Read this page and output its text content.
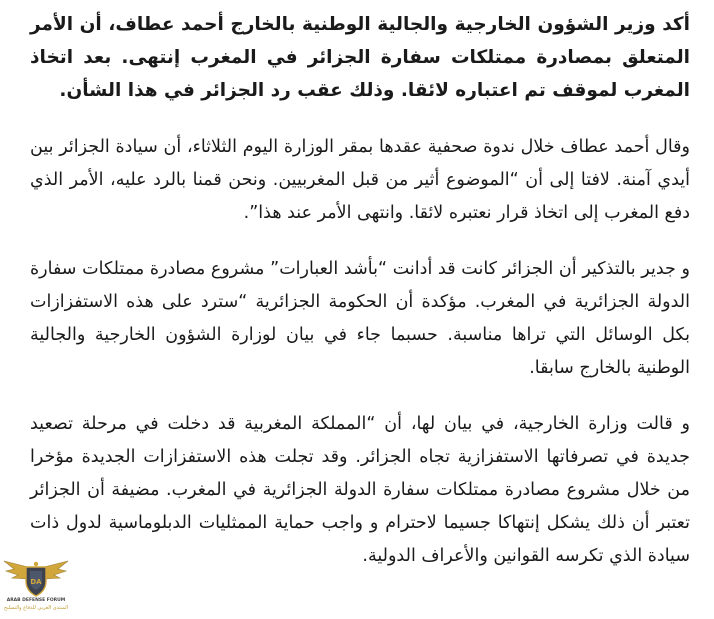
أكد وزير الشؤون الخارجية والجالية الوطنية بالخارج أحمد عطاف، أن الأمر المتعلق بمصادرة ممتلكات سفارة الجزائر في المغرب إنتهى. بعد اتخاذ المغرب لموقف تم اعتباره لائقا. وذلك عقب رد الجزائر في هذا الشأن.

وقال أحمد عطاف خلال ندوة صحفية عقدها بمقر الوزارة اليوم الثلاثاء، أن سيادة الجزائر بين أيدي آمنة. لافتا إلى أن “الموضوع أثير من قبل المغربيين. ونحن قمنا بالرد عليه، الأمر الذي دفع المغرب إلى اتخاذ قرار نعتبره لائقا. وانتهى الأمر عند هذا”.

و جدير بالتذكير أن الجزائر كانت قد أدانت “بأشد العبارات” مشروع مصادرة ممتلكات سفارة الدولة الجزائرية في المغرب. مؤكدة أن الحكومة الجزائرية “سترد على هذه الاستفزازات بكل الوسائل التي تراها مناسبة. حسبما جاء في بيان لوزارة الشؤون الخارجية والجالية الوطنية بالخارج سابقا.

و قالت وزارة الخارجية، في بيان لها، أن “المملكة المغربية قد دخلت في مرحلة تصعيد جديدة في تصرفاتها الاستفزازية تجاه الجزائر. وقد تجلت هذه الاستفزازات الجديدة مؤخرا من خلال مشروع مصادرة ممتلكات سفارة الدولة الجزائرية في المغرب. مضيفة أن الجزائر تعتبر أن ذلك يشكل إنتهاكا جسيما لاحترام و واجب حماية الممثليات الدبلوماسية لدول ذات سيادة الذي تكرسه القوانين والأعراف الدولية.

DA
ARAB DEFENSE FORUM
المنتدى العربي للدفاع والتسليح
